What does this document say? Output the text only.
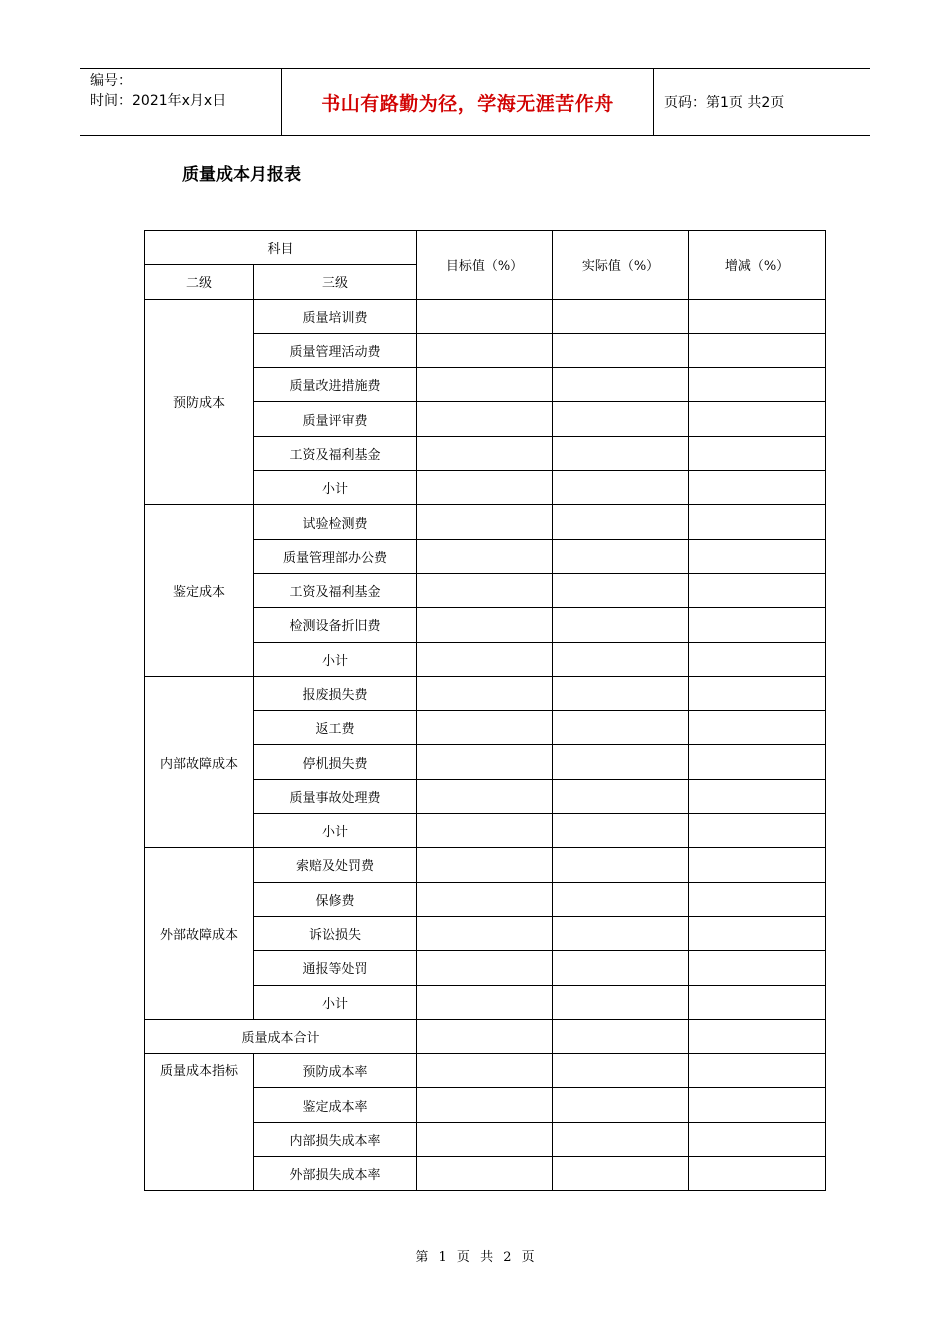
编号：
时间：2021年x月x日	书山有路勤为径，学海无涯苦作舟	页码：第1页 共2页
质量成本月报表
科目		目标值（%）	实际值（%）	增减（%）
二级	三级			
预防成本	质量培训费			
	质量管理活动费			
	质量改进措施费			
	质量评审费			
	工资及福利基金			
	小计			
鉴定成本	试验检测费			
	质量管理部办公费			
	工资及福利基金			
	检测设备折旧费			
	小计			
内部故障成本	报废损失费			
	返工费			
	停机损失费			
	质量事故处理费			
	小计			
外部故障成本	索赔及处罚费			
	保修费			
	诉讼损失			
	通报等处罚			
	小计			
质量成本合计				
质量成本指标	预防成本率			
	鉴定成本率			
	内部损失成本率			
	外部损失成本率			
第 1 页 共 2 页
